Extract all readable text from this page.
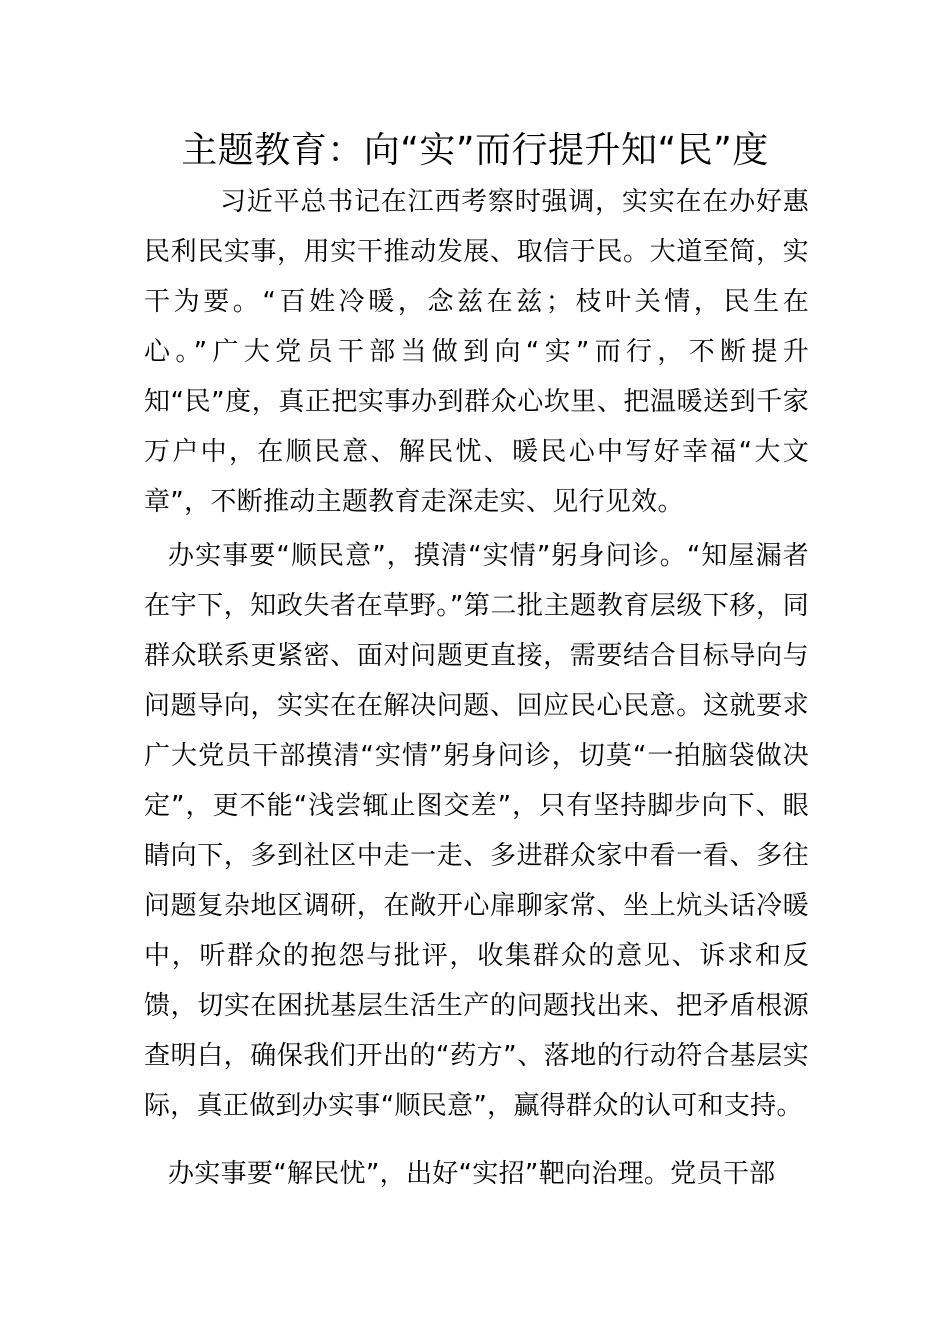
主题教育：向“实”而行提升知“民”度

习近平总书记在江西考察时强调，实实在在办好惠民利民实事，用实干推动发展、取信于民。大道至简，实干为要。“百姓冷暖，念兹在兹；枝叶关情，民生在心。”广大党员干部当做到向“实”而行，不断提升知“民”度，真正把实事办到群众心坎里、把温暖送到千家万户中，在顺民意、解民忧、暖民心中写好幸福“大文章”，不断推动主题教育走深走实、见行见效。

办实事要“顺民意”，摸清“实情”躬身问诊。“知屋漏者在宇下，知政失者在草野。”第二批主题教育层级下移，同群众联系更紧密、面对问题更直接，需要结合目标导向与问题导向，实实在在解决问题、回应民心民意。这就要求广大党员干部摸清“实情”躬身问诊，切莫“一拍脑袋做决定”，更不能“浅尝辄止图交差”，只有坚持脚步向下、眼睛向下，多到社区中走一走、多进群众家中看一看、多往问题复杂地区调研，在敞开心扉聊家常、坐上炕头话冷暖中，听群众的抱怨与批评，收集群众的意见、诉求和反馈，切实在困扰基层生活生产的问题找出来、把矛盾根源查明白，确保我们开出的“药方”、落地的行动符合基层实际，真正做到办实事“顺民意”，赢得群众的认可和支持。

办实事要“解民忧”，出好“实招”靶向治理。党员干部
